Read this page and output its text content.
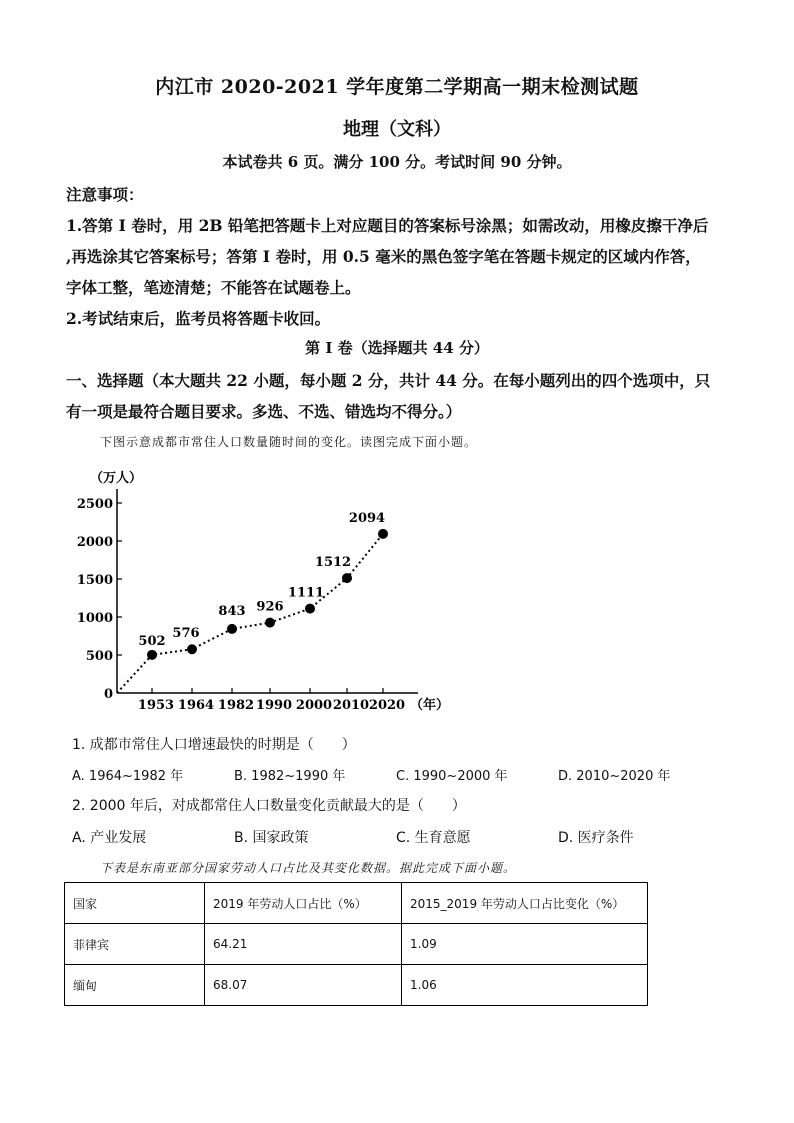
内江市 2020-2021 学年度第二学期高一期末检测试题
地理（文科）
本试卷共 6 页。满分 100 分。考试时间 90 分钟。
注意事项：
1.答第 I 卷时，用 2B 铅笔把答题卡上对应题目的答案标号涂黑；如需改动，用橡皮擦干净后
,再选涂其它答案标号；答第 I 卷时，用 0.5 毫米的黑色签字笔在答题卡规定的区域内作答，
字体工整，笔迹清楚；不能答在试题卷上。
2.考试结束后，监考员将答题卡收回。
第 I 卷（选择题共 44 分）
一、选择题（本大题共 22 小题，每小题 2 分，共计 44 分。在每小题列出的四个选项中，只
有一项是最符合题目要求。多选、不选、错选均不得分。）
下图示意成都市常住人口数量随时间的变化。读图完成下面小题。
2500
2000
1500
1000
500
0
1953 1964 1982 1990 2000 2010 2020
（万人）
（年）
502
576
843 926
1111
1512
2094
1. 成都市常住人口增速最快的时期是（　　）
A. 1964~1982 年	B. 1982~1990 年	C. 1990~2000 年	D. 2010~2020 年
2. 2000 年后，对成都常住人口数量变化贡献最大的是（　　）
A. 产业发展	B. 国家政策	C. 生育意愿	D. 医疗条件
下表是东南亚部分国家劳动人口占比及其变化数据。据此完成下面小题。
国家	2019 年劳动人口占比（%）	2015_2019 年劳动人口占比变化（%）
菲律宾	64.21	1.09
缅甸	68.07	1.06
